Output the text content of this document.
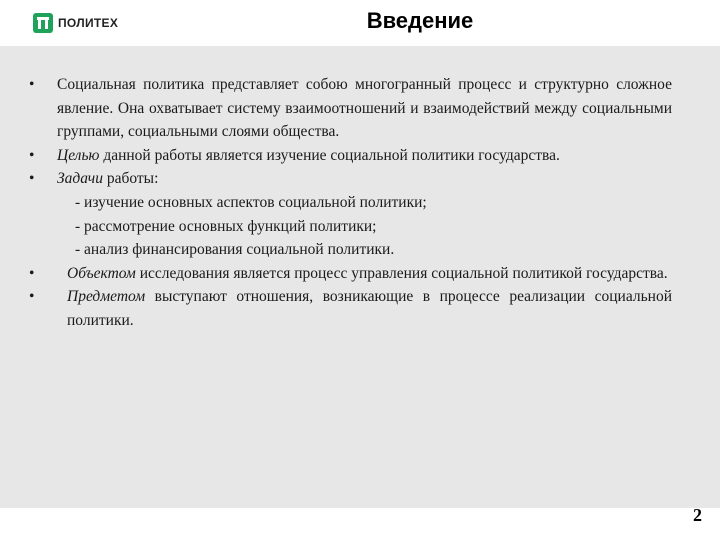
ПОЛИТЕХ	Введение

• Социальная политика представляет собою многогранный процесс и структурно сложное явление. Она охватывает систему взаимоотношений и взаимодействий между социальными группами, социальными слоями общества.

• Целью данной работы является изучение социальной политики государства.

• Задачи работы:

- изучение основных аспектов социальной политики;

- рассмотрение основных функций политики;

- анализ финансирования социальной политики.

• Объектом исследования является процесс управления социальной политикой государства.

• Предметом выступают отношения, возникающие в процессе реализации социальной политики.

2
